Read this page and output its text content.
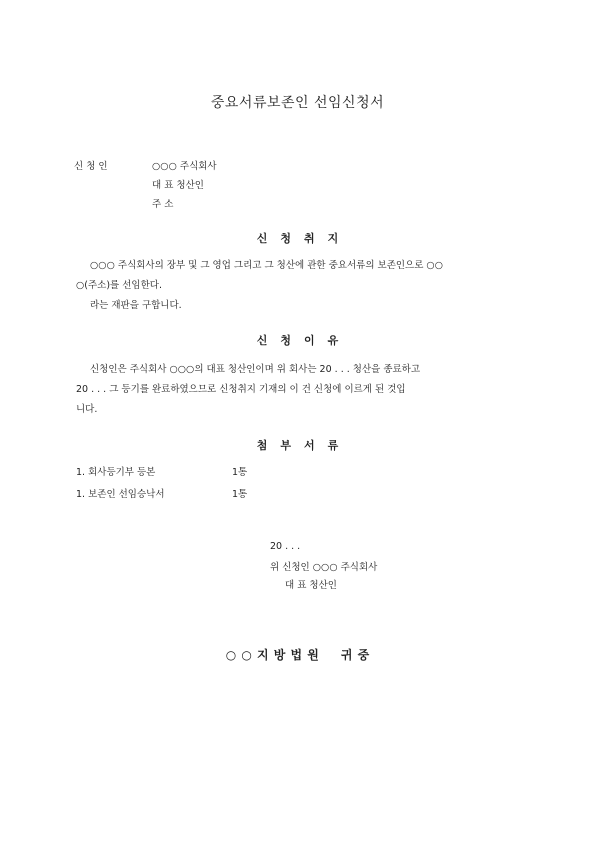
중요서류보존인 선임신청서
신 청 인	○○○ 주식회사
대 표 청산인
주 소
신청취지
○○○ 주식회사의 장부 및 그 영업 그리고 그 청산에 관한 중요서류의 보존인으로 ○○
○(주소)를 선임한다.
라는 재판을 구합니다.
신청이유
신청인은 주식회사 ○○○의 대표 청산인이며 위 회사는 20 . . . 청산을 종료하고
20 . . . 그 등기를 완료하였으므로 신청취지 기재의 이 건 신청에 이르게 된 것입
니다.
첨부서류
1. 회사등기부 등본	1통
1. 보존인 선임승낙서	1통
20 . . .
위 신청인 ○○○ 주식회사
대 표 청산인
○ ○ 지 방 법 원 귀 중
